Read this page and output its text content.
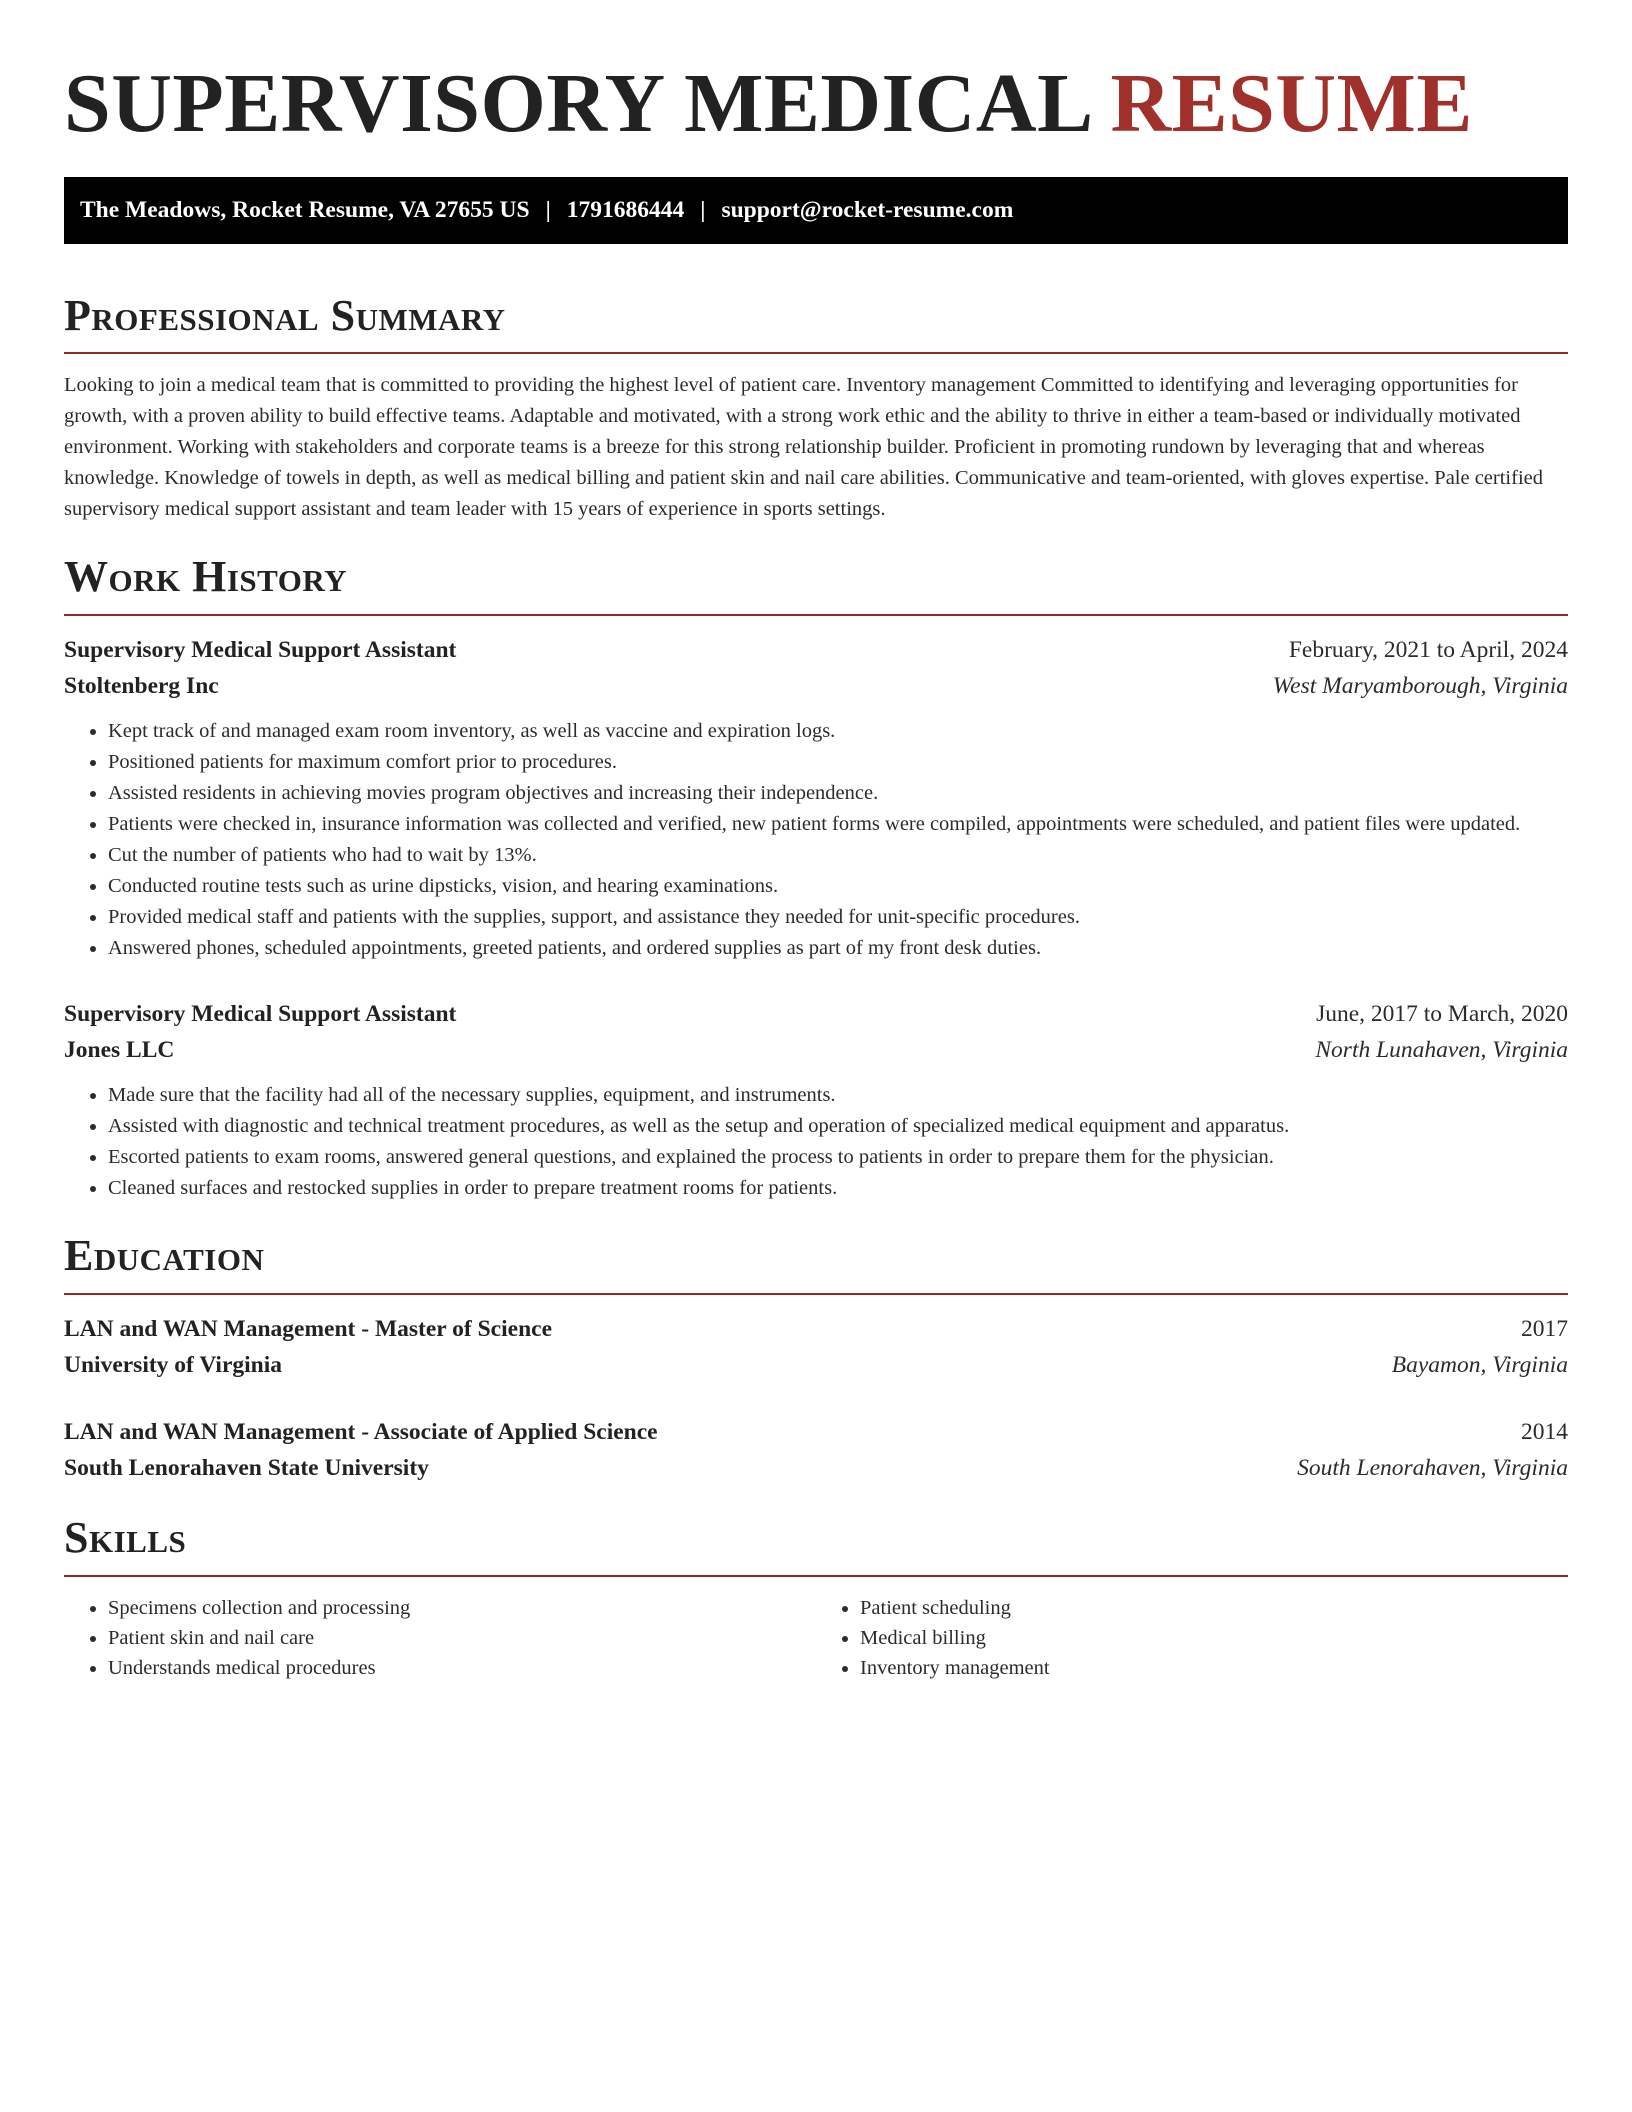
SUPERVISORY MEDICAL RESUME
The Meadows, Rocket Resume, VA 27655 US | 1791686444 | support@rocket-resume.com
Professional Summary

Looking to join a medical team that is committed to providing the highest level of patient care. Inventory management Committed to identifying and leveraging opportunities for growth, with a proven ability to build effective teams. Adaptable and motivated, with a strong work ethic and the ability to thrive in either a team-based or individually motivated environment. Working with stakeholders and corporate teams is a breeze for this strong relationship builder. Proficient in promoting rundown by leveraging that and whereas knowledge. Knowledge of towels in depth, as well as medical billing and patient skin and nail care abilities. Communicative and team-oriented, with gloves expertise. Pale certified supervisory medical support assistant and team leader with 15 years of experience in sports settings.

Work History
Supervisory Medical Support Assistant	February, 2021 to April, 2024
Stoltenberg Inc	West Maryamborough, Virginia
• Kept track of and managed exam room inventory, as well as vaccine and expiration logs.
• Positioned patients for maximum comfort prior to procedures.
• Assisted residents in achieving movies program objectives and increasing their independence.
• Patients were checked in, insurance information was collected and verified, new patient forms were compiled, appointments were scheduled, and patient files were updated.
• Cut the number of patients who had to wait by 13%.
• Conducted routine tests such as urine dipsticks, vision, and hearing examinations.
• Provided medical staff and patients with the supplies, support, and assistance they needed for unit-specific procedures.
• Answered phones, scheduled appointments, greeted patients, and ordered supplies as part of my front desk duties.
Supervisory Medical Support Assistant	June, 2017 to March, 2020
Jones LLC	North Lunahaven, Virginia
• Made sure that the facility had all of the necessary supplies, equipment, and instruments.
• Assisted with diagnostic and technical treatment procedures, as well as the setup and operation of specialized medical equipment and apparatus.
• Escorted patients to exam rooms, answered general questions, and explained the process to patients in order to prepare them for the physician.
• Cleaned surfaces and restocked supplies in order to prepare treatment rooms for patients.
Education
LAN and WAN Management - Master of Science	2017
University of Virginia	Bayamon, Virginia
LAN and WAN Management - Associate of Applied Science	2014
South Lenorahaven State University	South Lenorahaven, Virginia
Skills
• Specimens collection and processing
• Patient skin and nail care
• Understands medical procedures
• Patient scheduling
• Medical billing
• Inventory management
